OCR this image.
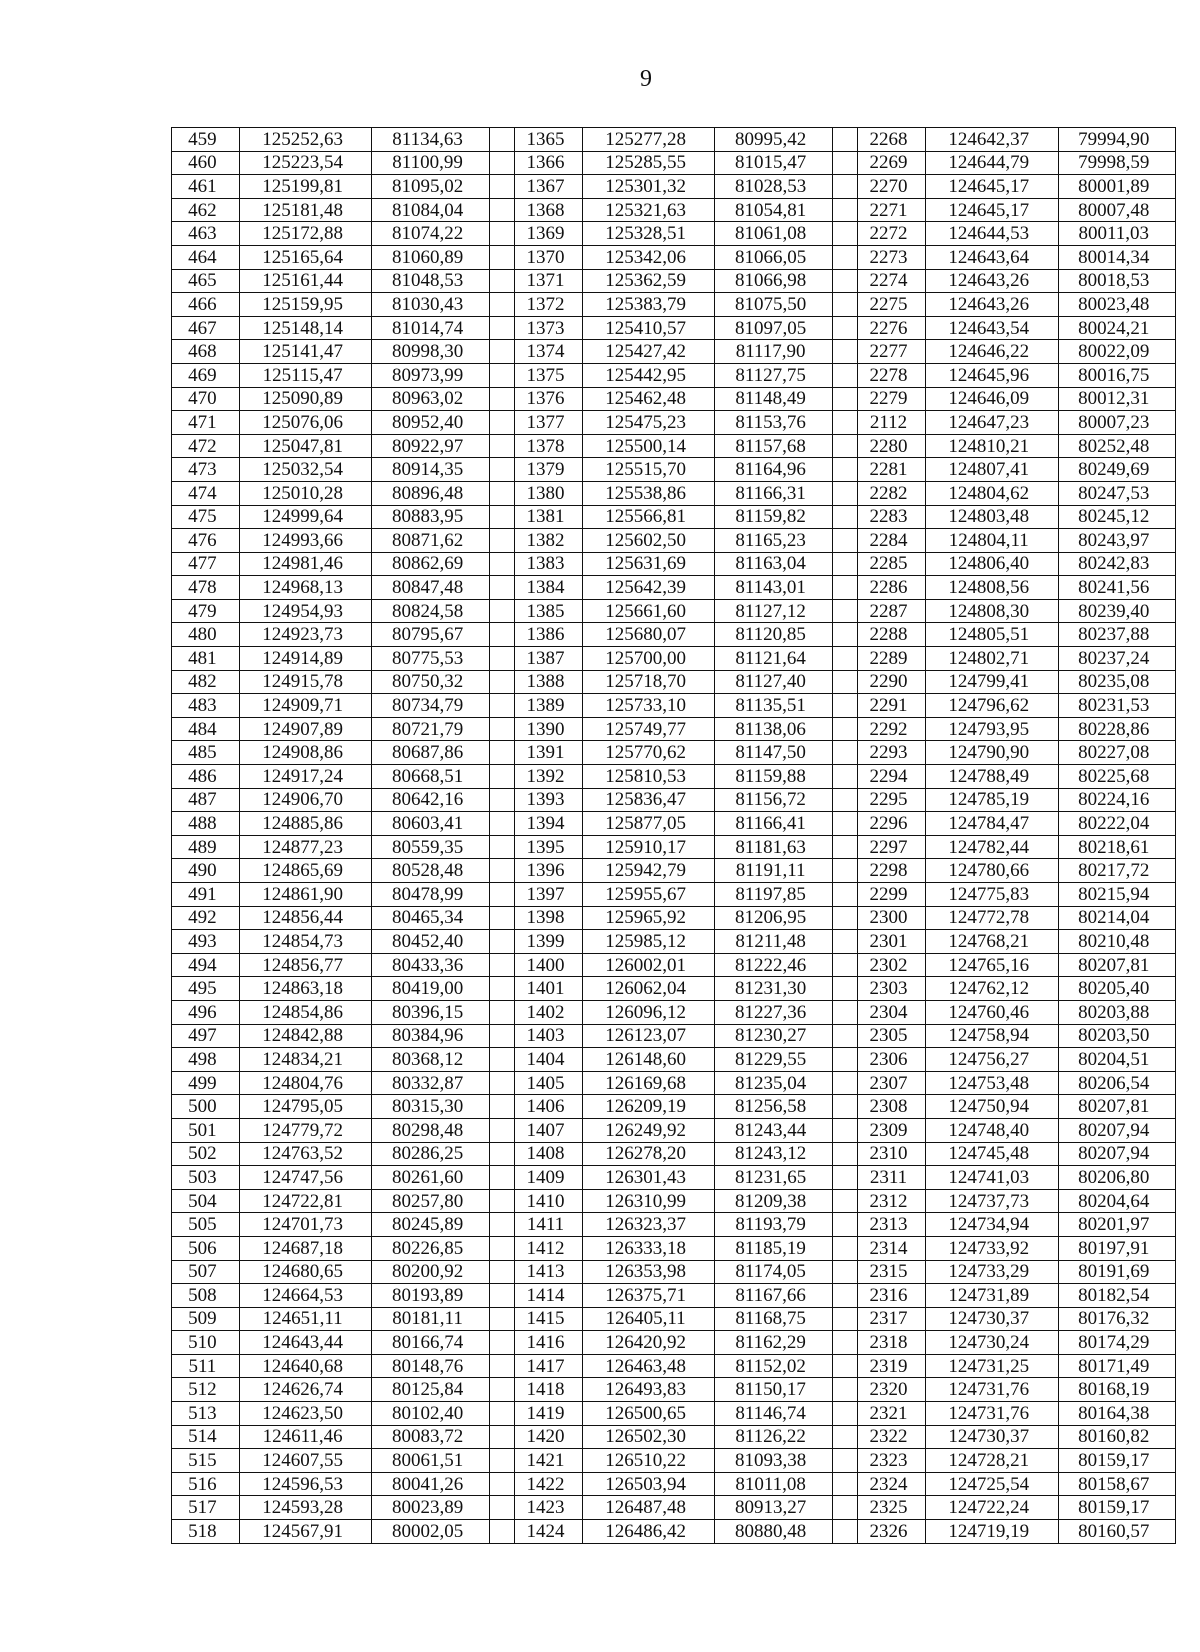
9
459	125252,63	81134,63		1365	125277,28	80995,42		2268	124642,37	79994,90
460	125223,54	81100,99		1366	125285,55	81015,47		2269	124644,79	79998,59
461	125199,81	81095,02		1367	125301,32	81028,53		2270	124645,17	80001,89
462	125181,48	81084,04		1368	125321,63	81054,81		2271	124645,17	80007,48
463	125172,88	81074,22		1369	125328,51	81061,08		2272	124644,53	80011,03
464	125165,64	81060,89		1370	125342,06	81066,05		2273	124643,64	80014,34
465	125161,44	81048,53		1371	125362,59	81066,98		2274	124643,26	80018,53
466	125159,95	81030,43		1372	125383,79	81075,50		2275	124643,26	80023,48
467	125148,14	81014,74		1373	125410,57	81097,05		2276	124643,54	80024,21
468	125141,47	80998,30		1374	125427,42	81117,90		2277	124646,22	80022,09
469	125115,47	80973,99		1375	125442,95	81127,75		2278	124645,96	80016,75
470	125090,89	80963,02		1376	125462,48	81148,49		2279	124646,09	80012,31
471	125076,06	80952,40		1377	125475,23	81153,76		2112	124647,23	80007,23
472	125047,81	80922,97		1378	125500,14	81157,68		2280	124810,21	80252,48
473	125032,54	80914,35		1379	125515,70	81164,96		2281	124807,41	80249,69
474	125010,28	80896,48		1380	125538,86	81166,31		2282	124804,62	80247,53
475	124999,64	80883,95		1381	125566,81	81159,82		2283	124803,48	80245,12
476	124993,66	80871,62		1382	125602,50	81165,23		2284	124804,11	80243,97
477	124981,46	80862,69		1383	125631,69	81163,04		2285	124806,40	80242,83
478	124968,13	80847,48		1384	125642,39	81143,01		2286	124808,56	80241,56
479	124954,93	80824,58		1385	125661,60	81127,12		2287	124808,30	80239,40
480	124923,73	80795,67		1386	125680,07	81120,85		2288	124805,51	80237,88
481	124914,89	80775,53		1387	125700,00	81121,64		2289	124802,71	80237,24
482	124915,78	80750,32		1388	125718,70	81127,40		2290	124799,41	80235,08
483	124909,71	80734,79		1389	125733,10	81135,51		2291	124796,62	80231,53
484	124907,89	80721,79		1390	125749,77	81138,06		2292	124793,95	80228,86
485	124908,86	80687,86		1391	125770,62	81147,50		2293	124790,90	80227,08
486	124917,24	80668,51		1392	125810,53	81159,88		2294	124788,49	80225,68
487	124906,70	80642,16		1393	125836,47	81156,72		2295	124785,19	80224,16
488	124885,86	80603,41		1394	125877,05	81166,41		2296	124784,47	80222,04
489	124877,23	80559,35		1395	125910,17	81181,63		2297	124782,44	80218,61
490	124865,69	80528,48		1396	125942,79	81191,11		2298	124780,66	80217,72
491	124861,90	80478,99		1397	125955,67	81197,85		2299	124775,83	80215,94
492	124856,44	80465,34		1398	125965,92	81206,95		2300	124772,78	80214,04
493	124854,73	80452,40		1399	125985,12	81211,48		2301	124768,21	80210,48
494	124856,77	80433,36		1400	126002,01	81222,46		2302	124765,16	80207,81
495	124863,18	80419,00		1401	126062,04	81231,30		2303	124762,12	80205,40
496	124854,86	80396,15		1402	126096,12	81227,36		2304	124760,46	80203,88
497	124842,88	80384,96		1403	126123,07	81230,27		2305	124758,94	80203,50
498	124834,21	80368,12		1404	126148,60	81229,55		2306	124756,27	80204,51
499	124804,76	80332,87		1405	126169,68	81235,04		2307	124753,48	80206,54
500	124795,05	80315,30		1406	126209,19	81256,58		2308	124750,94	80207,81
501	124779,72	80298,48		1407	126249,92	81243,44		2309	124748,40	80207,94
502	124763,52	80286,25		1408	126278,20	81243,12		2310	124745,48	80207,94
503	124747,56	80261,60		1409	126301,43	81231,65		2311	124741,03	80206,80
504	124722,81	80257,80		1410	126310,99	81209,38		2312	124737,73	80204,64
505	124701,73	80245,89		1411	126323,37	81193,79		2313	124734,94	80201,97
506	124687,18	80226,85		1412	126333,18	81185,19		2314	124733,92	80197,91
507	124680,65	80200,92		1413	126353,98	81174,05		2315	124733,29	80191,69
508	124664,53	80193,89		1414	126375,71	81167,66		2316	124731,89	80182,54
509	124651,11	80181,11		1415	126405,11	81168,75		2317	124730,37	80176,32
510	124643,44	80166,74		1416	126420,92	81162,29		2318	124730,24	80174,29
511	124640,68	80148,76		1417	126463,48	81152,02		2319	124731,25	80171,49
512	124626,74	80125,84		1418	126493,83	81150,17		2320	124731,76	80168,19
513	124623,50	80102,40		1419	126500,65	81146,74		2321	124731,76	80164,38
514	124611,46	80083,72		1420	126502,30	81126,22		2322	124730,37	80160,82
515	124607,55	80061,51		1421	126510,22	81093,38		2323	124728,21	80159,17
516	124596,53	80041,26		1422	126503,94	81011,08		2324	124725,54	80158,67
517	124593,28	80023,89		1423	126487,48	80913,27		2325	124722,24	80159,17
518	124567,91	80002,05		1424	126486,42	80880,48		2326	124719,19	80160,57
